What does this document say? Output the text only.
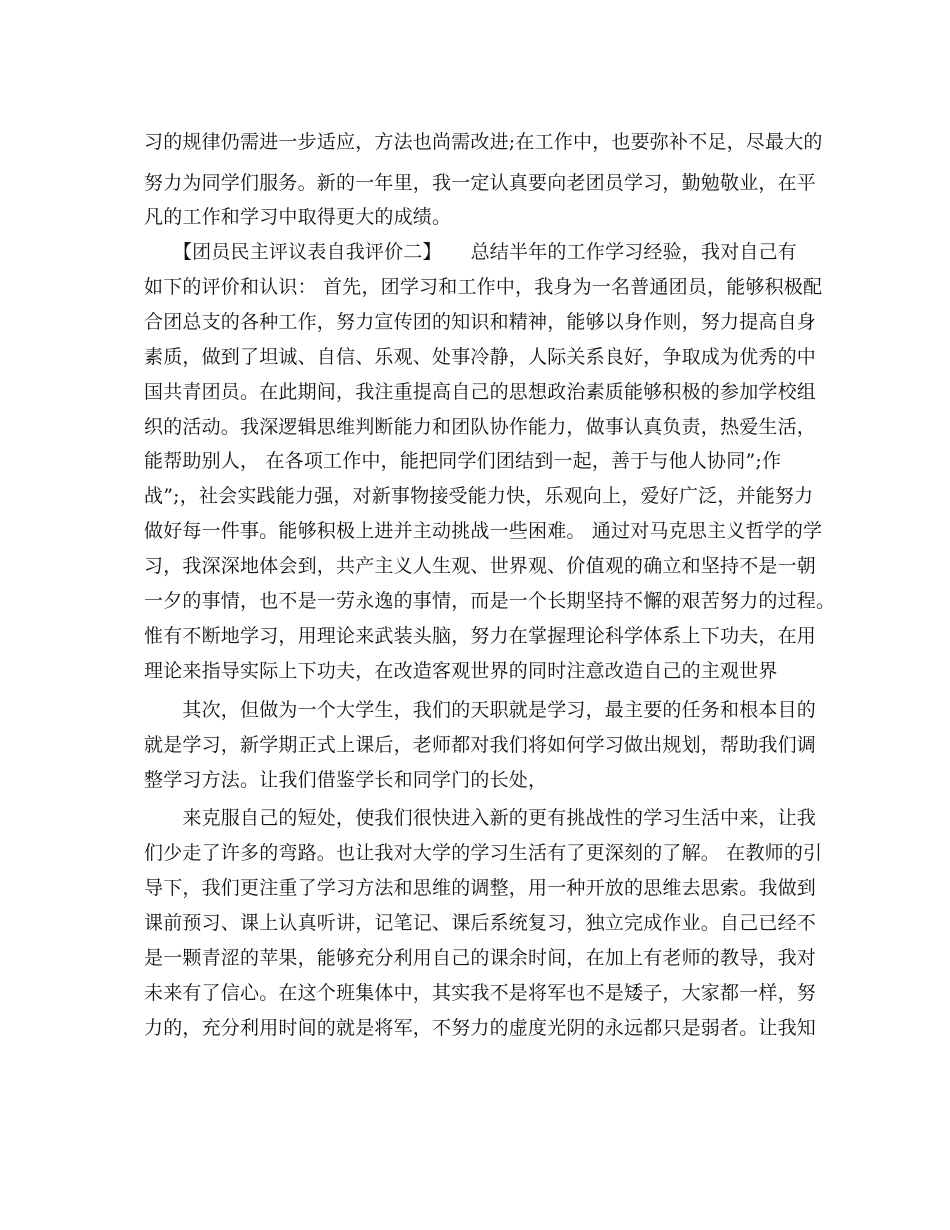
习的规律仍需进一步适应，方法也尚需改进;在工作中，也要弥补不足，尽最大的
努力为同学们服务。新的一年里，我一定认真要向老团员学习，勤勉敬业，在平
凡的工作和学习中取得更大的成绩。
　　【团员民主评议表自我评价二】　　总结半年的工作学习经验，我对自己有
如下的评价和认识： 首先，团学习和工作中，我身为一名普通团员，能够积极配
合团总支的各种工作，努力宣传团的知识和精神，能够以身作则，努力提高自身
素质，做到了坦诚、自信、乐观、处事冷静，人际关系良好，争取成为优秀的中
国共青团员。在此期间，我注重提高自己的思想政治素质能够积极的参加学校组
织的活动。我深逻辑思维判断能力和团队协作能力，做事认真负责，热爱生活，
能帮助别人， 在各项工作中，能把同学们团结到一起，善于与他人协同”;作
战”;，社会实践能力强，对新事物接受能力快，乐观向上，爱好广泛，并能努力
做好每一件事。能够积极上进并主动挑战一些困难。 通过对马克思主义哲学的学
习，我深深地体会到，共产主义人生观、世界观、价值观的确立和坚持不是一朝
一夕的事情，也不是一劳永逸的事情，而是一个长期坚持不懈的艰苦努力的过程。
惟有不断地学习，用理论来武装头脑，努力在掌握理论科学体系上下功夫，在用
理论来指导实际上下功夫，在改造客观世界的同时注意改造自己的主观世界
　　其次，但做为一个大学生，我们的天职就是学习，最主要的任务和根本目的
就是学习，新学期正式上课后，老师都对我们将如何学习做出规划，帮助我们调
整学习方法。让我们借鉴学长和同学门的长处，
　　来克服自己的短处，使我们很快进入新的更有挑战性的学习生活中来，让我
们少走了许多的弯路。也让我对大学的学习生活有了更深刻的了解。 在教师的引
导下，我们更注重了学习方法和思维的调整，用一种开放的思维去思索。我做到
课前预习、课上认真听讲，记笔记、课后系统复习，独立完成作业。自己已经不
是一颗青涩的苹果，能够充分利用自己的课余时间，在加上有老师的教导，我对
未来有了信心。在这个班集体中，其实我不是将军也不是矮子，大家都一样，努
力的，充分利用时间的就是将军，不努力的虚度光阴的永远都只是弱者。让我知
